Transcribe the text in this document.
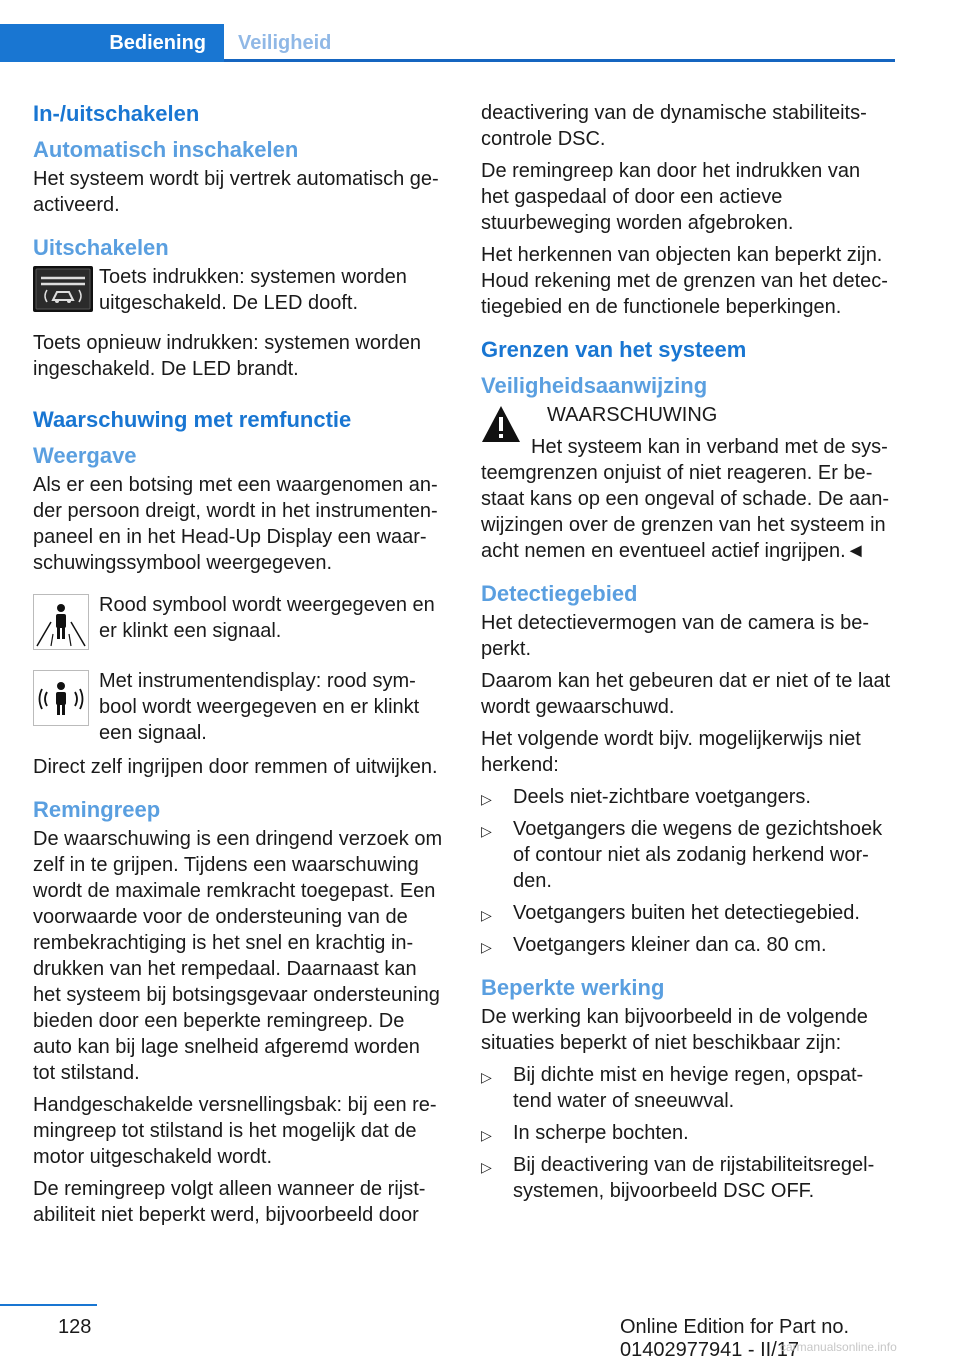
Bediening	Veiligheid
In-/uitschakelen
Automatisch inschakelen

Het systeem wordt bij vertrek automatisch geactiveerd.

Uitschakelen
Toets indrukken: systemen worden uitgeschakeld. De LED dooft.

Toets opnieuw indrukken: systemen worden ingeschakeld. De LED brandt.

Waarschuwing met remfunctie
Weergave

Als er een botsing met een waargenomen ander persoon dreigt, wordt in het instrumentenpaneel en in het Head-Up Display een waarschuwingssymbool weergegeven.

Rood symbool wordt weergegeven en er klinkt een signaal.
Met instrumentendisplay: rood symbool wordt weergegeven en er klinkt een signaal.

Direct zelf ingrijpen door remmen of uitwijken.

Remingreep

De waarschuwing is een dringend verzoek om zelf in te grijpen. Tijdens een waarschuwing wordt de maximale remkracht toegepast. Een voorwaarde voor de ondersteuning van de rembekrachtiging is het snel en krachtig indrukken van het rempedaal. Daarnaast kan het systeem bij botsingsgevaar ondersteuning bieden door een beperkte remingreep. De auto kan bij lage snelheid afgeremd worden tot stilstand.

Handgeschakelde versnellingsbak: bij een remingreep tot stilstand is het mogelijk dat de motor uitgeschakeld wordt.

De remingreep volgt alleen wanneer de rijstabiliteit niet beperkt werd, bijvoorbeeld door

deactivering van de dynamische stabiliteitscontrole DSC.

De remingreep kan door het indrukken van het gaspedaal of door een actieve stuurbeweging worden afgebroken.

Het herkennen van objecten kan beperkt zijn. Houd rekening met de grenzen van het detectiegebied en de functionele beperkingen.

Grenzen van het systeem
Veiligheidsaanwijzing
WAARSCHUWING

Het systeem kan in verband met de systeemgrenzen onjuist of niet reageren. Er bestaat kans op een ongeval of schade. De aanwijzingen over de grenzen van het systeem in acht nemen en eventueel actief ingrijpen.◄

Detectiegebied

Het detectievermogen van de camera is beperkt.

Daarom kan het gebeuren dat er niet of te laat wordt gewaarschuwd.

Het volgende wordt bijv. mogelijkerwijs niet herkend:

▷ Deels niet-zichtbare voetgangers.
▷ Voetgangers die wegens de gezichtshoek of contour niet als zodanig herkend worden.
▷ Voetgangers buiten het detectiegebied.
▷ Voetgangers kleiner dan ca. 80 cm.
Beperkte werking

De werking kan bijvoorbeeld in de volgende situaties beperkt of niet beschikbaar zijn:

▷ Bij dichte mist en hevige regen, opspattend water of sneeuwval.
▷ In scherpe bochten.
▷ Bij deactivering van de rijstabiliteitsregelsystemen, bijvoorbeeld DSC OFF.
128	Online Edition for Part no. 01402977941 - II/17
carmanualsonline.info
